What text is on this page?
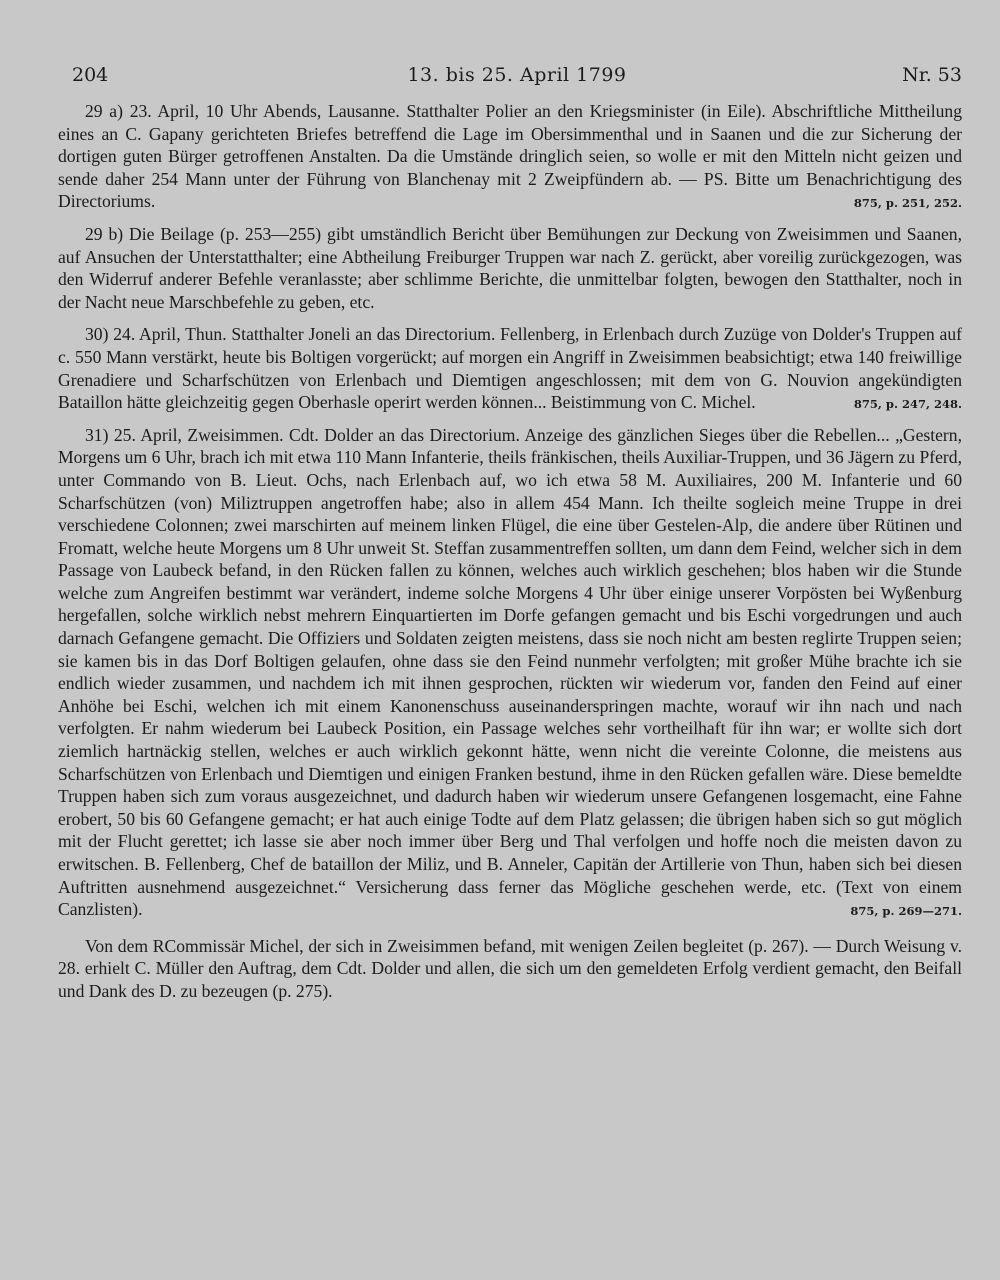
204	13. bis 25. April 1799	Nr. 53

29 a) 23. April, 10 Uhr Abends, Lausanne. Statthalter Polier an den Kriegsminister (in Eile). Abschriftliche Mittheilung eines an C. Gapany gerichteten Briefes betreffend die Lage im Obersimmenthal und in Saanen und die zur Sicherung der dortigen guten Bürger getroffenen Anstalten. Da die Umstände dringlich seien, so wolle er mit den Mitteln nicht geizen und sende daher 254 Mann unter der Führung von Blanchenay mit 2 Zweipfündern ab. — PS. Bitte um Benachrichtigung des Directoriums.	875, p. 251, 252.

29 b) Die Beilage (p. 253—255) gibt umständlich Bericht über Bemühungen zur Deckung von Zweisimmen und Saanen, auf Ansuchen der Unterstatthalter; eine Abtheilung Freiburger Truppen war nach Z. gerückt, aber voreilig zurückgezogen, was den Widerruf anderer Befehle veranlasste; aber schlimme Berichte, die unmittelbar folgten, bewogen den Statthalter, noch in der Nacht neue Marschbefehle zu geben, etc.

30) 24. April, Thun. Statthalter Joneli an das Directorium. Fellenberg, in Erlenbach durch Zuzüge von Dolder's Truppen auf c. 550 Mann verstärkt, heute bis Boltigen vorgerückt; auf morgen ein Angriff in Zweisimmen beabsichtigt; etwa 140 freiwillige Grenadiere und Scharfschützen von Erlenbach und Diemtigen angeschlossen; mit dem von G. Nouvion angekündigten Bataillon hätte gleichzeitig gegen Oberhasle operirt werden können... Beistimmung von C. Michel.	875, p. 247, 248.

31) 25. April, Zweisimmen. Cdt. Dolder an das Directorium. Anzeige des gänzlichen Sieges über die Rebellen... „Gestern, Morgens um 6 Uhr, brach ich mit etwa 110 Mann Infanterie, theils fränkischen, theils Auxiliar-Truppen, und 36 Jägern zu Pferd, unter Commando von B. Lieut. Ochs, nach Erlenbach auf, wo ich etwa 58 M. Auxiliaires, 200 M. Infanterie und 60 Scharfschützen (von) Miliztruppen angetroffen habe; also in allem 454 Mann. Ich theilte sogleich meine Truppe in drei verschiedene Colonnen; zwei marschirten auf meinem linken Flügel, die eine über Gestelen-Alp, die andere über Rütinen und Fromatt, welche heute Morgens um 8 Uhr unweit St. Steffan zusammentreffen sollten, um dann dem Feind, welcher sich in dem Passage von Laubeck befand, in den Rücken fallen zu können, welches auch wirklich geschehen; blos haben wir die Stunde welche zum Angreifen bestimmt war verändert, indeme solche Morgens 4 Uhr über einige unserer Vorpösten bei Wyßenburg hergefallen, solche wirklich nebst mehrern Einquartierten im Dorfe gefangen gemacht und bis Eschi vorgedrungen und auch darnach Gefangene gemacht. Die Offiziers und Soldaten zeigten meistens, dass sie noch nicht am besten reglirte Truppen seien; sie kamen bis in das Dorf Boltigen gelaufen, ohne dass sie den Feind nunmehr verfolgten; mit großer Mühe brachte ich sie endlich wieder zusammen, und nachdem ich mit ihnen gesprochen, rückten wir wiederum vor, fanden den Feind auf einer Anhöhe bei Eschi, welchen ich mit einem Kanonenschuss auseinanderspringen machte, worauf wir ihn nach und nach verfolgten. Er nahm wiederum bei Laubeck Position, ein Passage welches sehr vortheilhaft für ihn war; er wollte sich dort ziemlich hartnäckig stellen, welches er auch wirklich gekonnt hätte, wenn nicht die vereinte Colonne, die meistens aus Scharfschützen von Erlenbach und Diemtigen und einigen Franken bestund, ihme in den Rücken gefallen wäre. Diese bemeldte Truppen haben sich zum voraus ausgezeichnet, und dadurch haben wir wiederum unsere Gefangenen losgemacht, eine Fahne erobert, 50 bis 60 Gefangene gemacht; er hat auch einige Todte auf dem Platz gelassen; die übrigen haben sich so gut möglich mit der Flucht gerettet; ich lasse sie aber noch immer über Berg und Thal verfolgen und hoffe noch die meisten davon zu erwitschen. B. Fellenberg, Chef de bataillon der Miliz, und B. Anneler, Capitän der Artillerie von Thun, haben sich bei diesen Auftritten ausnehmend ausgezeichnet.“ Versicherung dass ferner das Mögliche geschehen werde, etc. (Text von einem Canzlisten).	875, p. 269—271.

Von dem RCommissär Michel, der sich in Zweisimmen befand, mit wenigen Zeilen begleitet (p. 267). — Durch Weisung v. 28. erhielt C. Müller den Auftrag, dem Cdt. Dolder und allen, die sich um den gemeldeten Erfolg verdient gemacht, den Beifall und Dank des D. zu bezeugen (p. 275).
